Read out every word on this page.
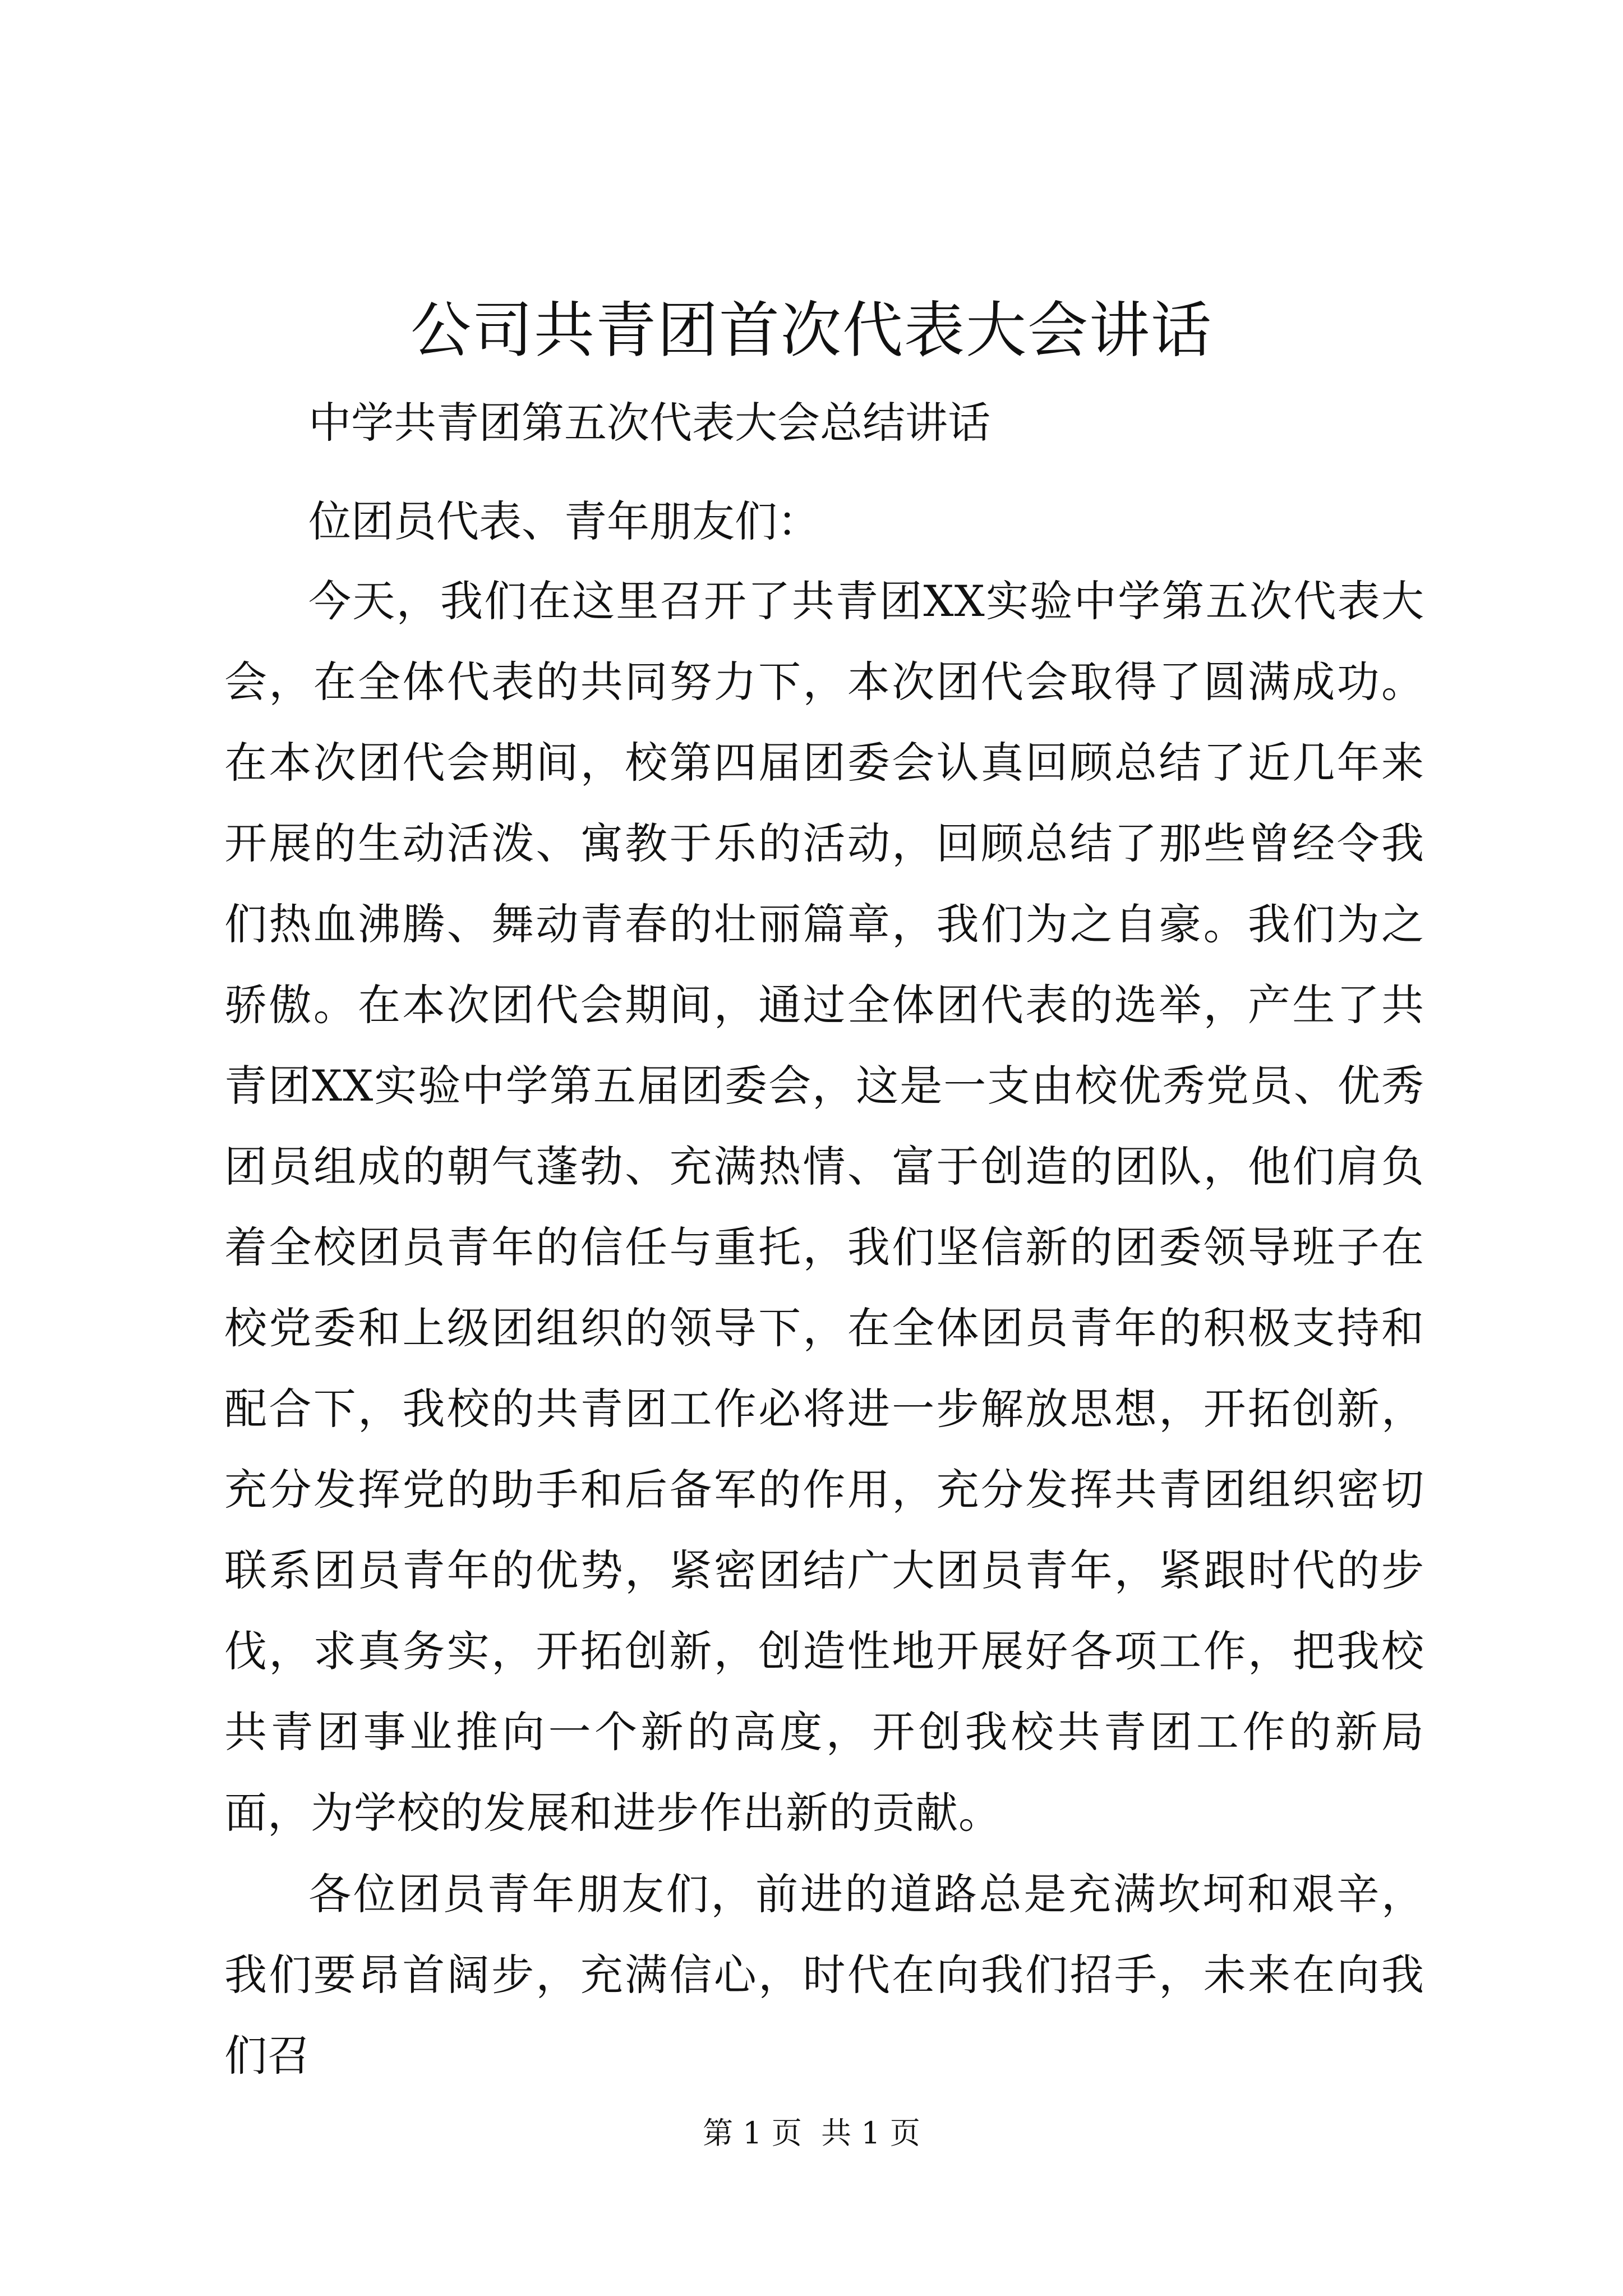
公司共青团首次代表大会讲话

中学共青团第五次代表大会总结讲话

位团员代表、青年朋友们：

今天，我们在这里召开了共青团XX实验中学第五次代表大会，在全体代表的共同努力下，本次团代会取得了圆满成功。在本次团代会期间，校第四届团委会认真回顾总结了近几年来开展的生动活泼、寓教于乐的活动，回顾总结了那些曾经令我们热血沸腾、舞动青春的壮丽篇章，我们为之自豪。我们为之骄傲。在本次团代会期间，通过全体团代表的选举，产生了共青团XX实验中学第五届团委会，这是一支由校优秀党员、优秀团员组成的朝气蓬勃、充满热情、富于创造的团队，他们肩负着全校团员青年的信任与重托，我们坚信新的团委领导班子在校党委和上级团组织的领导下，在全体团员青年的积极支持和配合下，我校的共青团工作必将进一步解放思想，开拓创新，充分发挥党的助手和后备军的作用，充分发挥共青团组织密切联系团员青年的优势，紧密团结广大团员青年，紧跟时代的步伐，求真务实，开拓创新，创造性地开展好各项工作，把我校共青团事业推向一个新的高度，开创我校共青团工作的新局面，为学校的发展和进步作出新的贡献。

各位团员青年朋友们，前进的道路总是充满坎坷和艰辛，我们要昂首阔步，充满信心，时代在向我们招手，未来在向我们召

第 1 页  共 1 页
